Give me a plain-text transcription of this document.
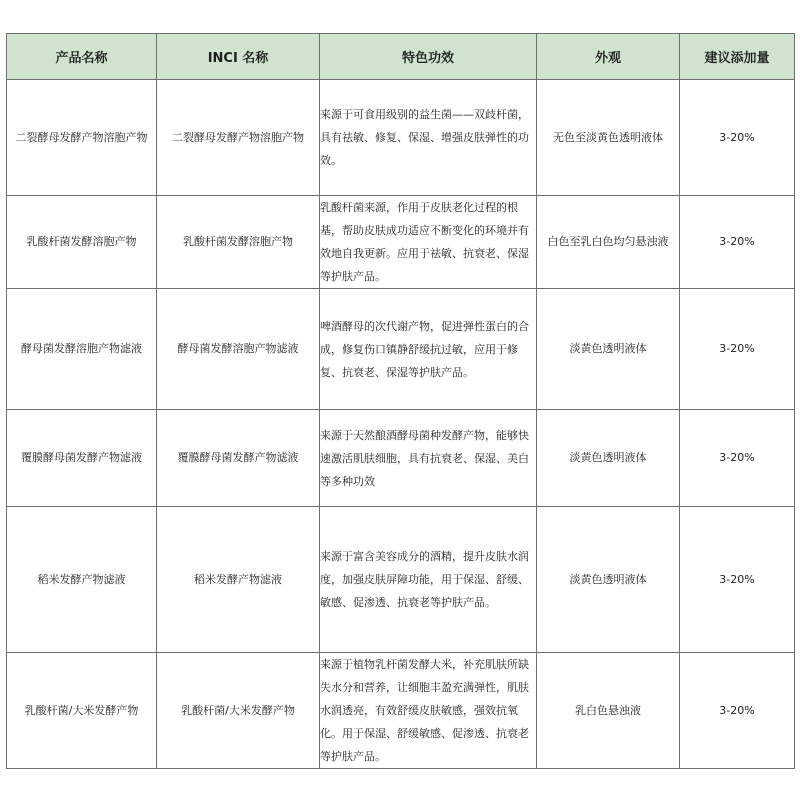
产品名称	INCI 名称	特色功效	外观	建议添加量
二裂酵母发酵产物溶胞产物	二裂酵母发酵产物溶胞产物	来源于可食用级别的益生菌——双歧杆菌，具有祛敏、修复、保湿、增强皮肤弹性的功效。	无色至淡黄色透明液体	3-20%
乳酸杆菌发酵溶胞产物	乳酸杆菌发酵溶胞产物	乳酸杆菌来源，作用于皮肤老化过程的根基，帮助皮肤成功适应不断变化的环境并有效地自我更新。应用于祛敏、抗衰老、保湿等护肤产品。	白色至乳白色均匀悬浊液	3-20%
酵母菌发酵溶胞产物滤液	酵母菌发酵溶胞产物滤液	啤酒酵母的次代谢产物，促进弹性蛋白的合成，修复伤口镇静舒缓抗过敏，应用于修复、抗衰老、保湿等护肤产品。	淡黄色透明液体	3-20%
覆膜酵母菌发酵产物滤液	覆膜酵母菌发酵产物滤液	来源于天然酿酒酵母菌种发酵产物，能够快速激活肌肤细胞，具有抗衰老、保湿、美白等多种功效	淡黄色透明液体	3-20%
稻米发酵产物滤液	稻米发酵产物滤液	来源于富含美容成分的酒精，提升皮肤水润度，加强皮肤屏障功能，用于保湿、舒缓、敏感、促渗透、抗衰老等护肤产品。	淡黄色透明液体	3-20%
乳酸杆菌/大米发酵产物	乳酸杆菌/大米发酵产物	来源于植物乳杆菌发酵大米，补充肌肤所缺失水分和营养，让细胞丰盈充满弹性，肌肤水润透亮，有效舒缓皮肤敏感，强效抗氧化。用于保湿、舒缓敏感、促渗透、抗衰老等护肤产品。	乳白色悬浊液	3-20%
